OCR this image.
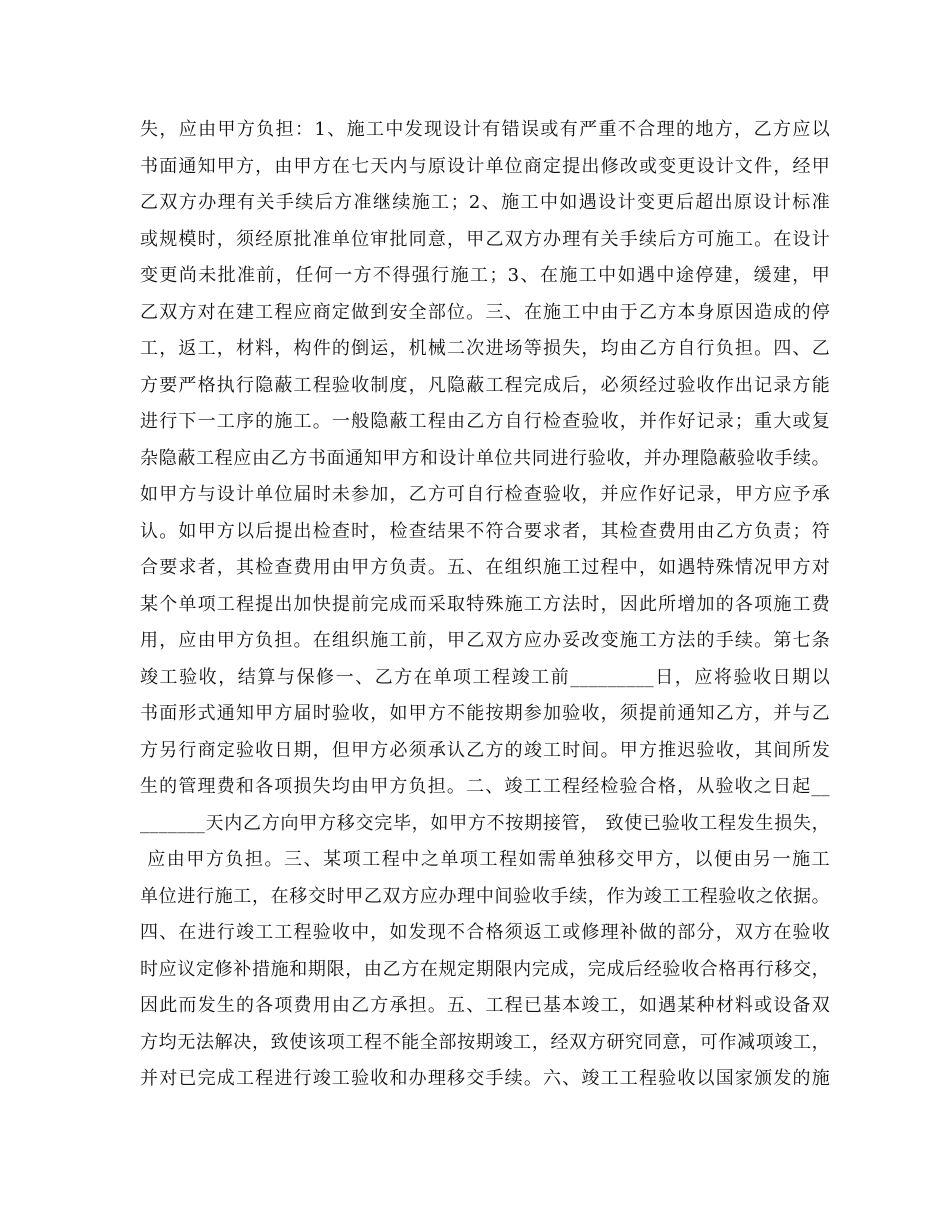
失，应由甲方负担：1、施工中发现设计有错误或有严重不合理的地方，乙方应以
书面通知甲方，由甲方在七天内与原设计单位商定提出修改或变更设计文件，经甲
乙双方办理有关手续后方准继续施工；2、施工中如遇设计变更后超出原设计标准
或规模时，须经原批准单位审批同意，甲乙双方办理有关手续后方可施工。在设计
变更尚未批准前，任何一方不得强行施工；3、在施工中如遇中途停建，缓建，甲
乙双方对在建工程应商定做到安全部位。三、在施工中由于乙方本身原因造成的停
工，返工，材料，构件的倒运，机械二次进场等损失，均由乙方自行负担。四、乙
方要严格执行隐蔽工程验收制度，凡隐蔽工程完成后，必须经过验收作出记录方能
进行下一工序的施工。一般隐蔽工程由乙方自行检查验收，并作好记录；重大或复
杂隐蔽工程应由乙方书面通知甲方和设计单位共同进行验收，并办理隐蔽验收手续。
如甲方与设计单位届时未参加，乙方可自行检查验收，并应作好记录，甲方应予承
认。如甲方以后提出检查时，检查结果不符合要求者，其检查费用由乙方负责；符
合要求者，其检查费用由甲方负责。五、在组织施工过程中，如遇特殊情况甲方对
某个单项工程提出加快提前完成而采取特殊施工方法时，因此所增加的各项施工费
用，应由甲方负担。在组织施工前，甲乙双方应办妥改变施工方法的手续。第七条
竣工验收，结算与保修一、乙方在单项工程竣工前_________日，应将验收日期以
书面形式通知甲方届时验收，如甲方不能按期参加验收，须提前通知乙方，并与乙
方另行商定验收日期，但甲方必须承认乙方的竣工时间。甲方推迟验收，其间所发
生的管理费和各项损失均由甲方负担。二、竣工工程经检验合格，从验收之日起__
_______天内乙方向甲方移交完毕，如甲方不按期接管， 致使已验收工程发生损失，
应由甲方负担。三、某项工程中之单项工程如需单独移交甲方，以便由另一施工
单位进行施工，在移交时甲乙双方应办理中间验收手续，作为竣工工程验收之依据。
四、在进行竣工工程验收中，如发现不合格须返工或修理补做的部分，双方在验收
时应议定修补措施和期限，由乙方在规定期限内完成，完成后经验收合格再行移交，
因此而发生的各项费用由乙方承担。五、工程已基本竣工，如遇某种材料或设备双
方均无法解决，致使该项工程不能全部按期竣工，经双方研究同意，可作减项竣工，
并对已完成工程进行竣工验收和办理移交手续。六、竣工工程验收以国家颁发的施
